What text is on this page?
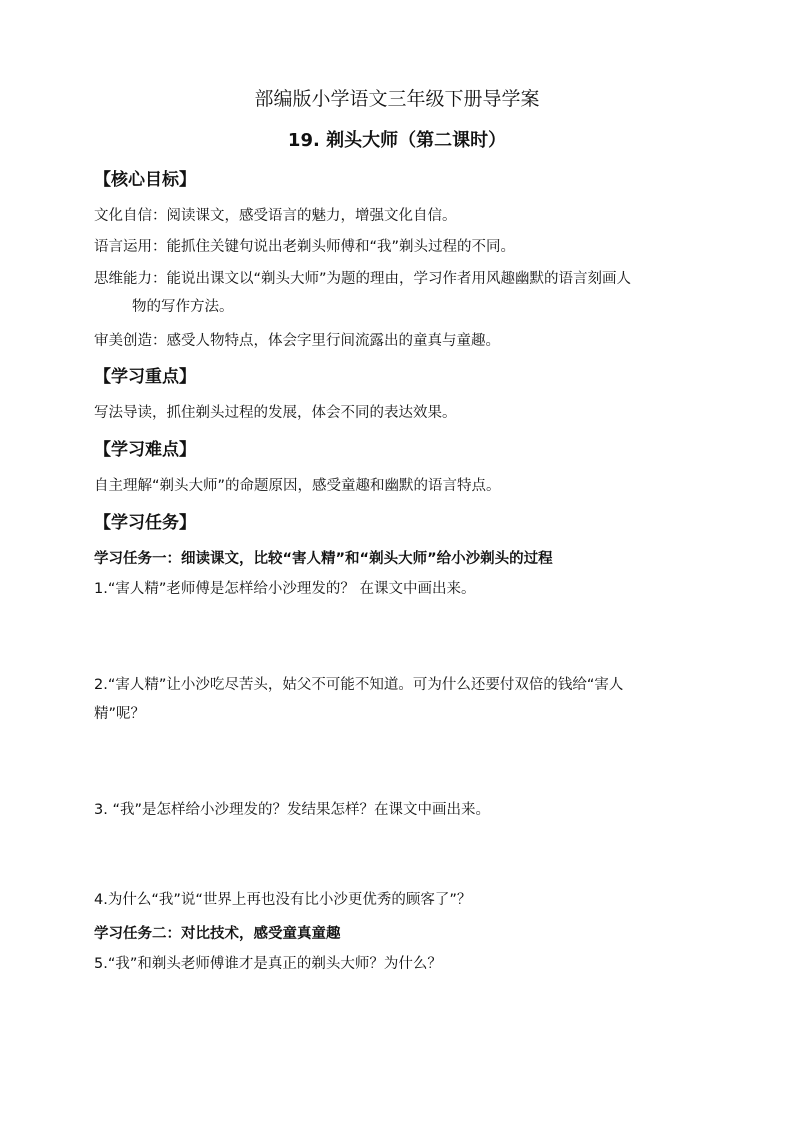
部编版小学语文三年级下册导学案
19. 剃头大师（第二课时）
【核心目标】
文化自信：阅读课文，感受语言的魅力，增强文化自信。
语言运用：能抓住关键句说出老剃头师傅和“我”剃头过程的不同。
思维能力：能说出课文以“剃头大师”为题的理由，学习作者用风趣幽默的语言刻画人
物的写作方法。
审美创造：感受人物特点，体会字里行间流露出的童真与童趣。
【学习重点】
写法导读，抓住剃头过程的发展，体会不同的表达效果。
【学习难点】
自主理解“剃头大师”的命题原因，感受童趣和幽默的语言特点。
【学习任务】
学习任务一：细读课文，比较“害人精”和“剃头大师”给小沙剃头的过程
1.“害人精”老师傅是怎样给小沙理发的？ 在课文中画出来。
2.“害人精”让小沙吃尽苦头，姑父不可能不知道。可为什么还要付双倍的钱给“害人
精”呢？
3. “我”是怎样给小沙理发的？发结果怎样？在课文中画出来。
4.为什么“我”说“世界上再也没有比小沙更优秀的顾客了”？
学习任务二：对比技术，感受童真童趣
5.“我”和剃头老师傅谁才是真正的剃头大师？为什么？
